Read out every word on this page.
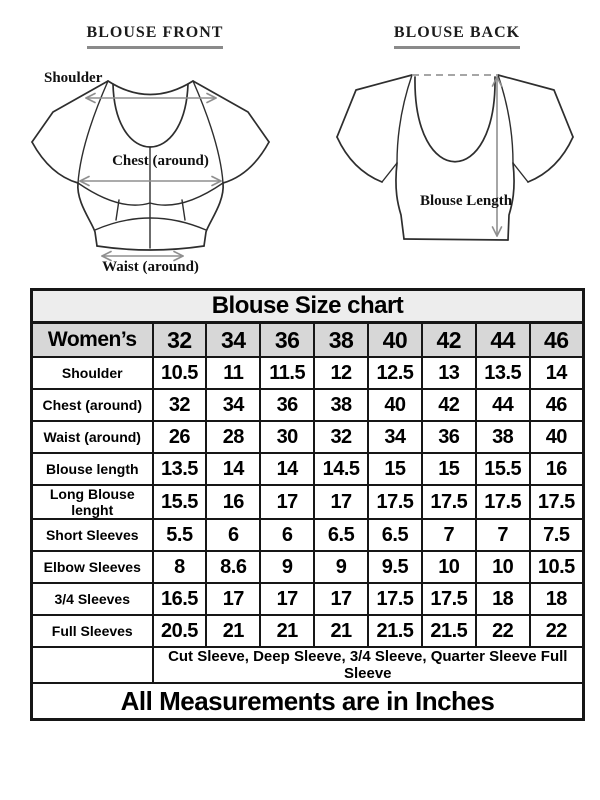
BLOUSE FRONT
Shoulder
Chest (around)
Waist (around)
BLOUSE BACK
Blouse Length
Blouse Size chart								
Women’s	32	34	36	38	40	42	44	46
Shoulder	10.5	11	11.5	12	12.5	13	13.5	14
Chest (around)	32	34	36	38	40	42	44	46
Waist (around)	26	28	30	32	34	36	38	40
Blouse length	13.5	14	14	14.5	15	15	15.5	16
Long Blouse lenght	15.5	16	17	17	17.5	17.5	17.5	17.5
Short Sleeves	5.5	6	6	6.5	6.5	7	7	7.5
Elbow Sleeves	8	8.6	9	9	9.5	10	10	10.5
3/4 Sleeves	16.5	17	17	17	17.5	17.5	18	18
Full Sleeves	20.5	21	21	21	21.5	21.5	22	22
	Cut Sleeve, Deep Sleeve, 3/4 Sleeve, Quarter Sleeve Full Sleeve							
All Measurements are in Inches								
